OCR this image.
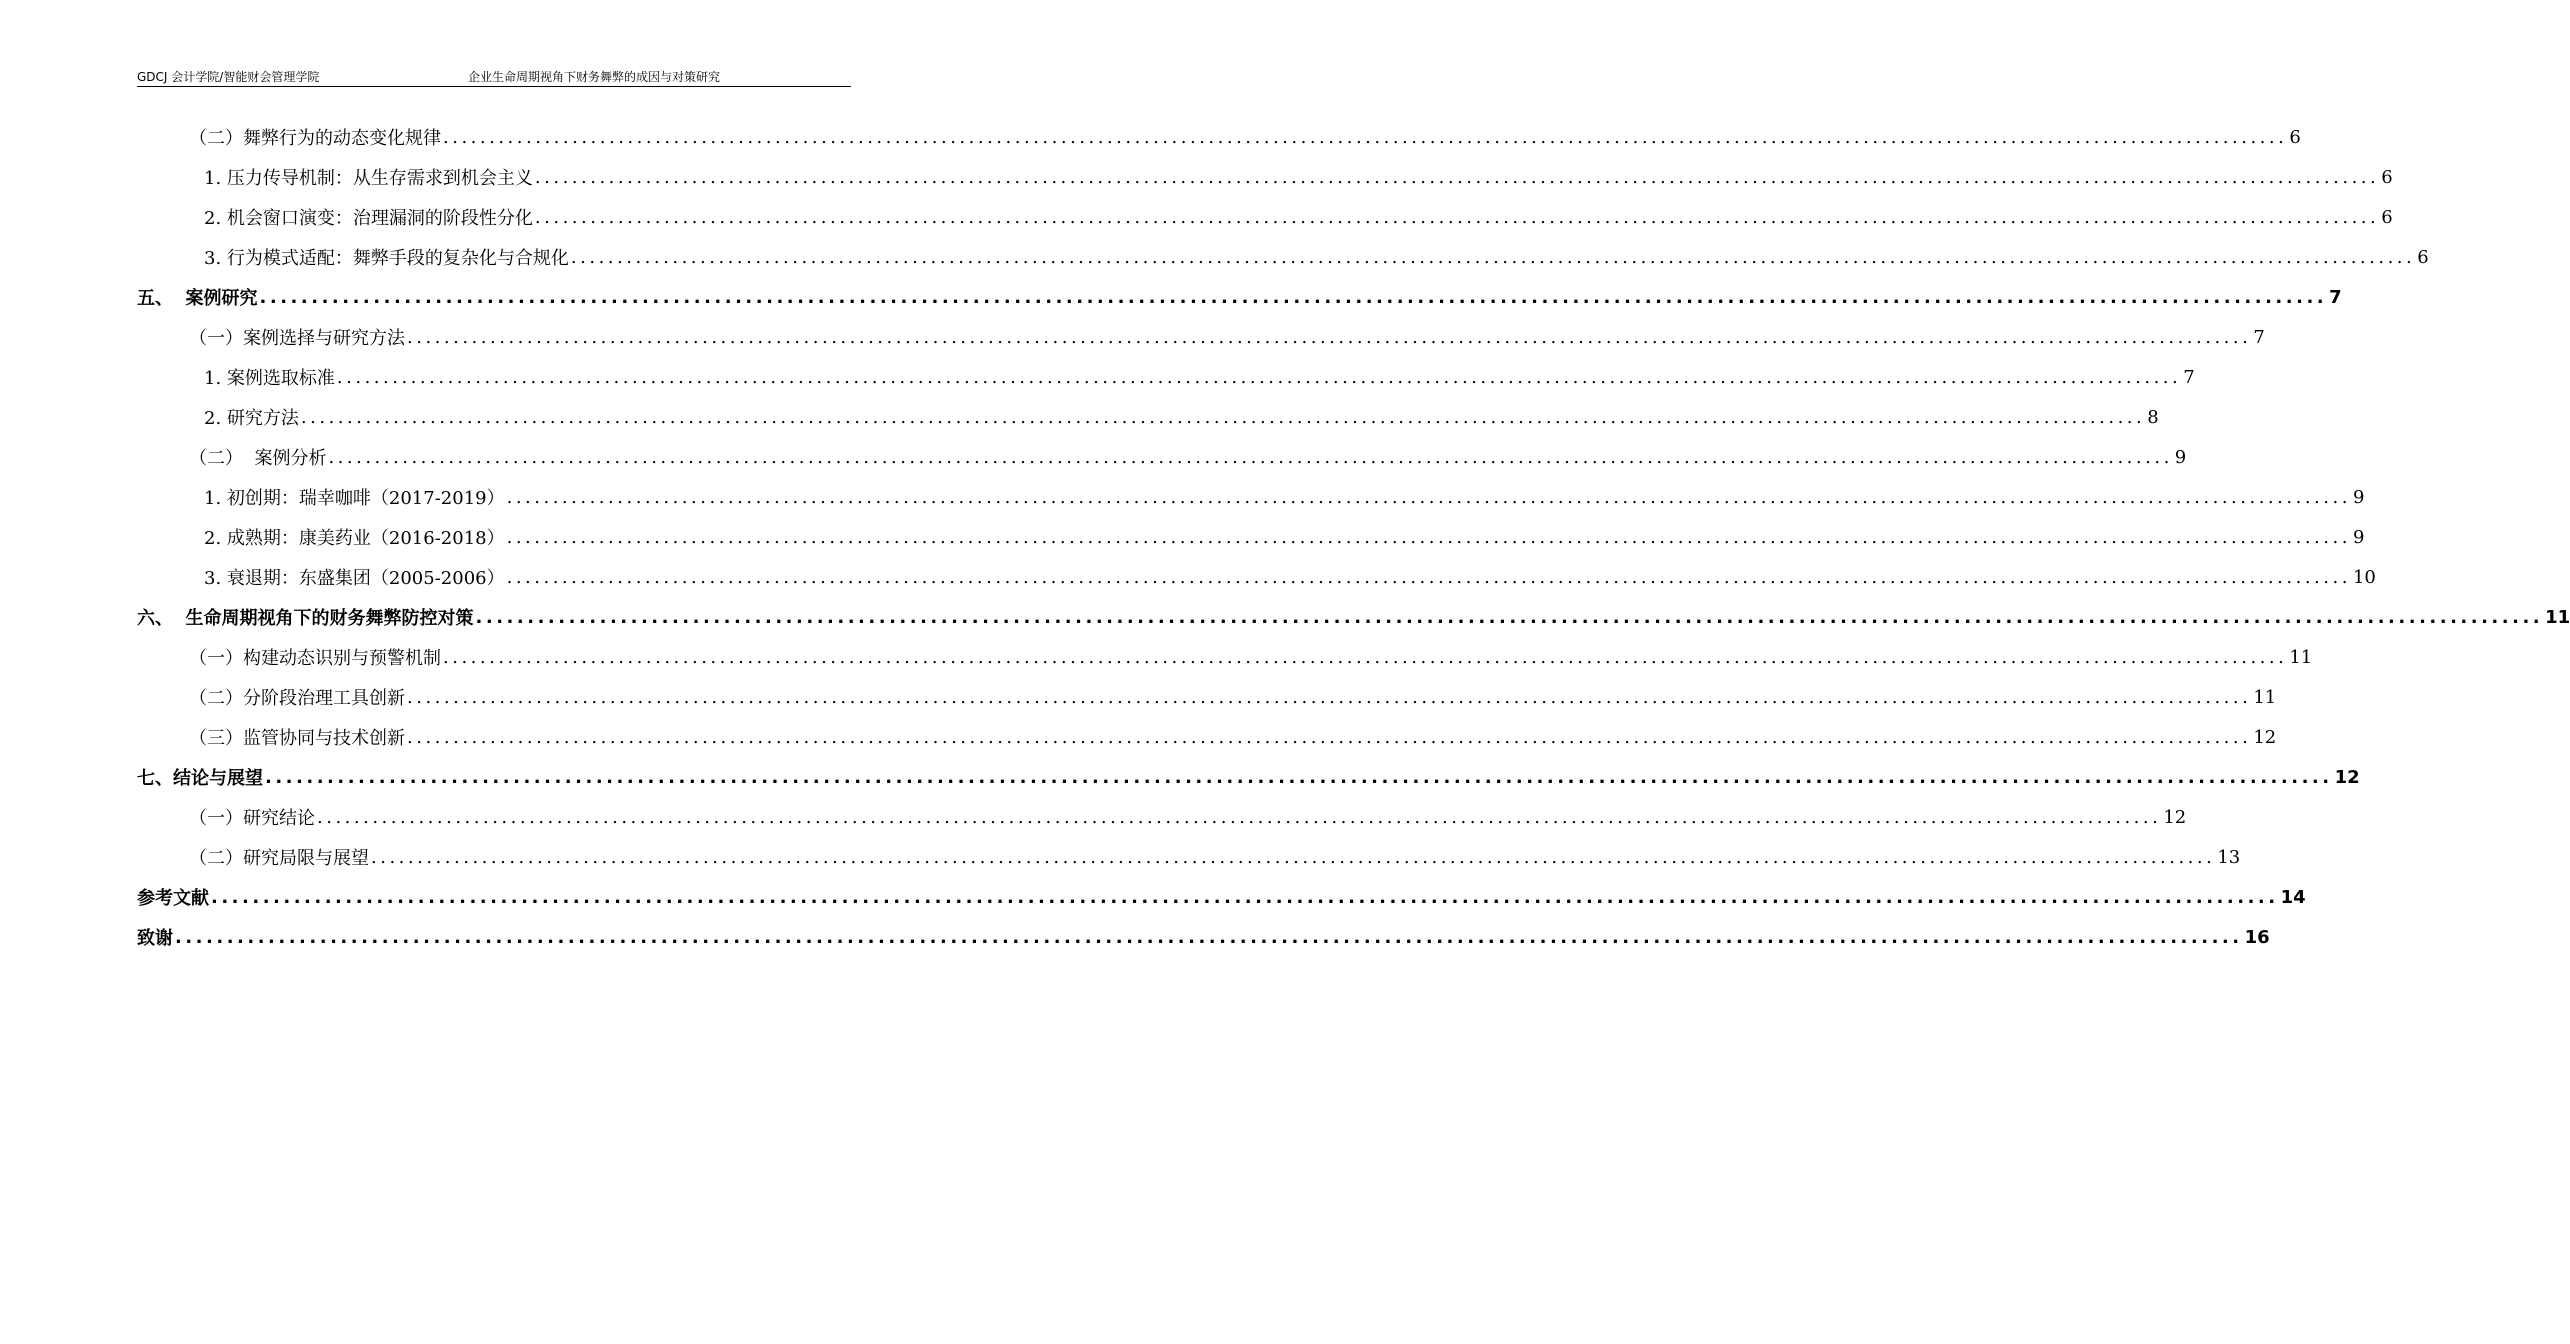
GDCJ 会计学院/智能财会管理学院	企业生命周期视角下财务舞弊的成因与对策研究
（二）舞弊行为的动态变化规律 ........................................................................................................................................................................................................ 6
1. 压力传导机制：从生存需求到机会主义 ........................................................................................................................................................................................................ 6
2. 机会窗口演变：治理漏洞的阶段性分化 ........................................................................................................................................................................................................ 6
3. 行为模式适配：舞弊手段的复杂化与合规化 ........................................................................................................................................................................................................ 6
五、  案例研究 ........................................................................................................................................................................................................ 7
（一）案例选择与研究方法 ........................................................................................................................................................................................................ 7
1. 案例选取标准 ........................................................................................................................................................................................................ 7
2. 研究方法 ........................................................................................................................................................................................................ 8
（二）  案例分析 ........................................................................................................................................................................................................ 9
1. 初创期：瑞幸咖啡（2017-2019） ........................................................................................................................................................................................................ 9
2. 成熟期：康美药业（2016-2018） ........................................................................................................................................................................................................ 9
3. 衰退期：东盛集团（2005-2006） ........................................................................................................................................................................................................ 10
六、  生命周期视角下的财务舞弊防控对策 ........................................................................................................................................................................................................ 11
（一）构建动态识别与预警机制 ........................................................................................................................................................................................................ 11
（二）分阶段治理工具创新 ........................................................................................................................................................................................................ 11
（三）监管协同与技术创新 ........................................................................................................................................................................................................ 12
七、结论与展望 ........................................................................................................................................................................................................ 12
（一）研究结论 ........................................................................................................................................................................................................ 12
（二）研究局限与展望 ........................................................................................................................................................................................................ 13
参考文献 ........................................................................................................................................................................................................ 14
致谢 ........................................................................................................................................................................................................ 16
